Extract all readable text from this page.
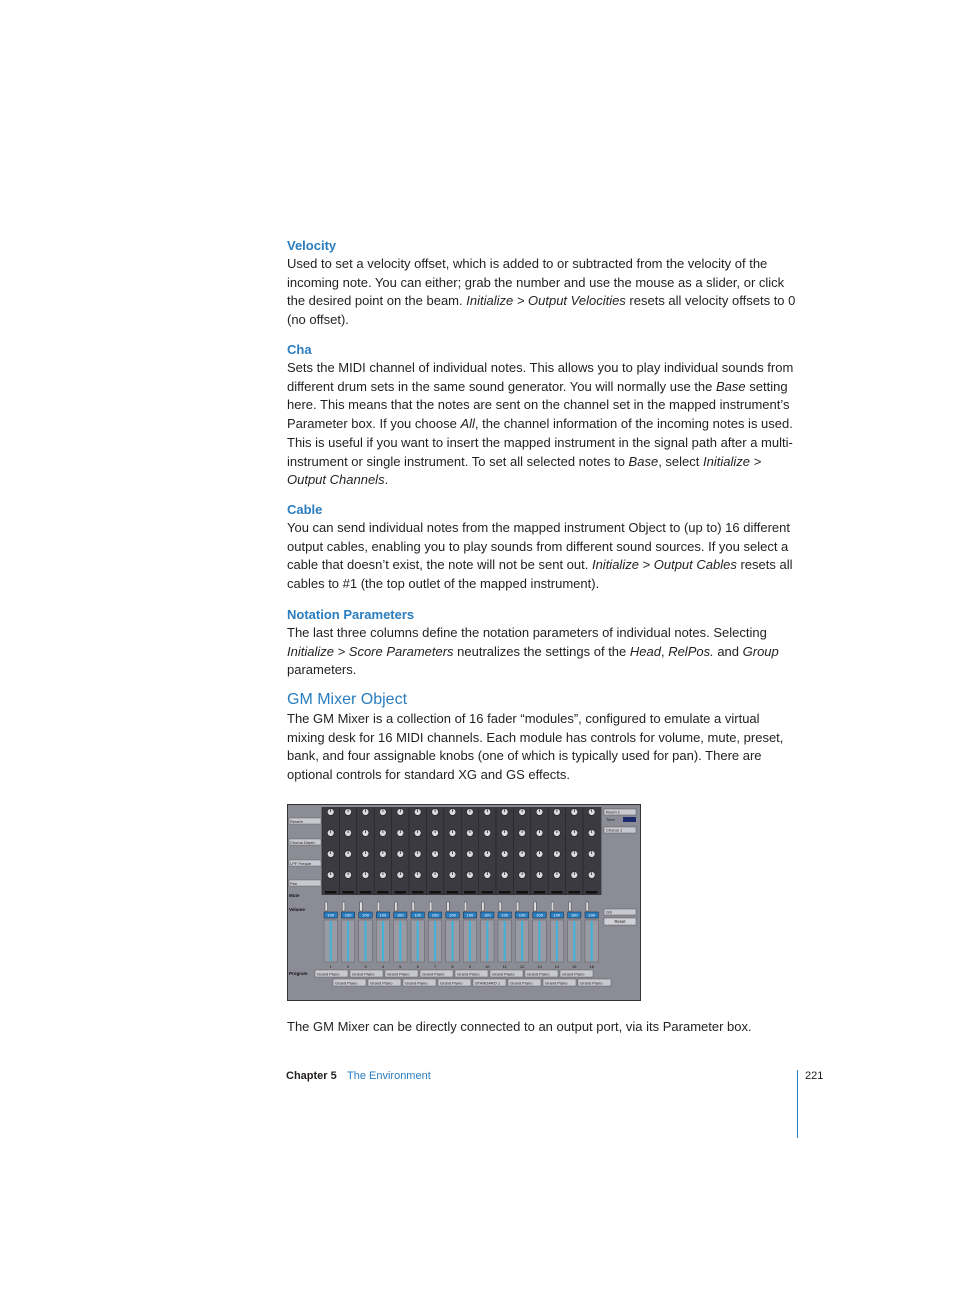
Velocity

Used to set a velocity offset, which is added to or subtracted from the velocity of the incoming note. You can either; grab the number and use the mouse as a slider, or click the desired point on the beam. Initialize > Output Velocities resets all velocity offsets to 0 (no offset).

Cha

Sets the MIDI channel of individual notes. This allows you to play individual sounds from different drum sets in the same sound generator. You will normally use the Base setting here. This means that the notes are sent on the channel set in the mapped instrument’s Parameter box. If you choose All, the channel information of the incoming notes is used. This is useful if you want to insert the mapped instrument in the signal path after a multi-instrument or single instrument. To set all selected notes to Base, select Initialize > Output Channels.

Cable

You can send individual notes from the mapped instrument Object to (up to) 16 different output cables, enabling you to play sounds from different sound sources. If you select a cable that doesn’t exist, the note will not be sent out. Initialize > Output Cables resets all cables to #1 (the top outlet of the mapped instrument).

Notation Parameters

The last three columns define the notation parameters of individual notes. Selecting Initialize > Score Parameters neutralizes the settings of the Head, RelPos. and Group parameters.

GM Mixer Object

The GM Mixer is a collection of 16 fader “modules”, configured to emulate a virtual mixing desk for 16 MIDI channels. Each module has controls for volume, mute, preset, bank, and four assignable knobs (one of which is typically used for pan). There are optional controls for standard XG and GS effects.

Reverb
Chorus Depth
LPF Freque
Pan
Mute
Volume
Program
100
1
100
2
100
3
100
4
100
5
100
6
100
7
100
8
100
9
100
10
100
11
100
12
100
13
100
14
100
15
100
16
Grand Piano	Grand Piano	Grand Piano	Grand Piano	Grand Piano	Grand Piano	Grand Piano	Grand Piano
Grand Piano	Grand Piano	Grand Piano	Grand Piano	STANDARD 1 Grand Piano	Grand Piano	Grand Piano
Room 1
Time
Chorus 1
GS
Reset

The GM Mixer can be directly connected to an output port, via its Parameter box.

Chapter 5 The Environment	221
